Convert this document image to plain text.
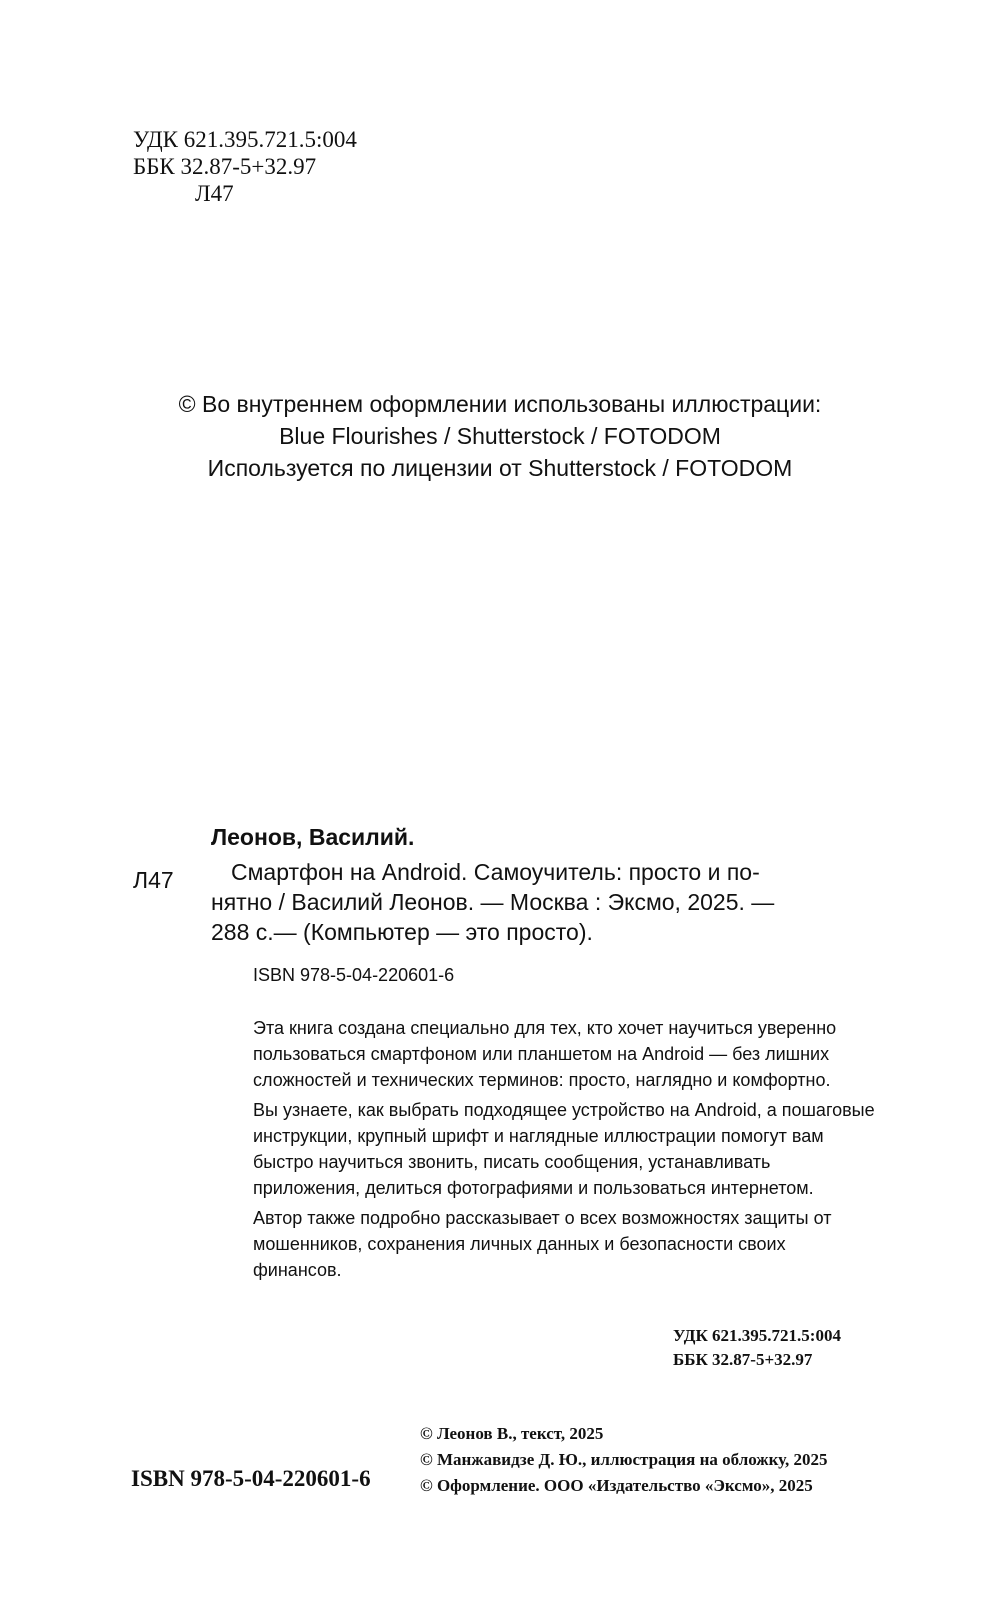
УДК 621.395.721.5:004
ББК 32.87-5+32.97
Л47
© Во внутреннем оформлении использованы иллюстрации:
Blue Flourishes / Shutterstock / FOTODOM
Используется по лицензии от Shutterstock / FOTODOM
Леонов, Василий.
Л47	Смартфон на Android. Самоучитель: просто и по-
нятно / Василий Леонов. — Москва : Эксмо, 2025. —
288 с.— (Компьютер — это просто).
ISBN 978-5-04-220601-6

Эта книга создана специально для тех, кто хочет научиться уверенно пользоваться смартфоном или планшетом на Android — без лишних сложностей и технических терминов: просто, наглядно и комфортно.

Вы узнаете, как выбрать подходящее устройство на Android, а пошаговые инструкции, крупный шрифт и наглядные иллюстрации помогут вам быстро научиться звонить, писать сообщения, устанавливать приложения, делиться фотографиями и пользоваться интернетом.

Автор также подробно рассказывает о всех возможностях защиты от мошенников, сохранения личных данных и безопасности своих финансов.

УДК 621.395.721.5:004
ББК 32.87-5+32.97
ISBN 978-5-04-220601-6
© Леонов В., текст, 2025
© Манжавидзе Д. Ю., иллюстрация на обложку, 2025
© Оформление. ООО «Издательство «Эксмо», 2025
